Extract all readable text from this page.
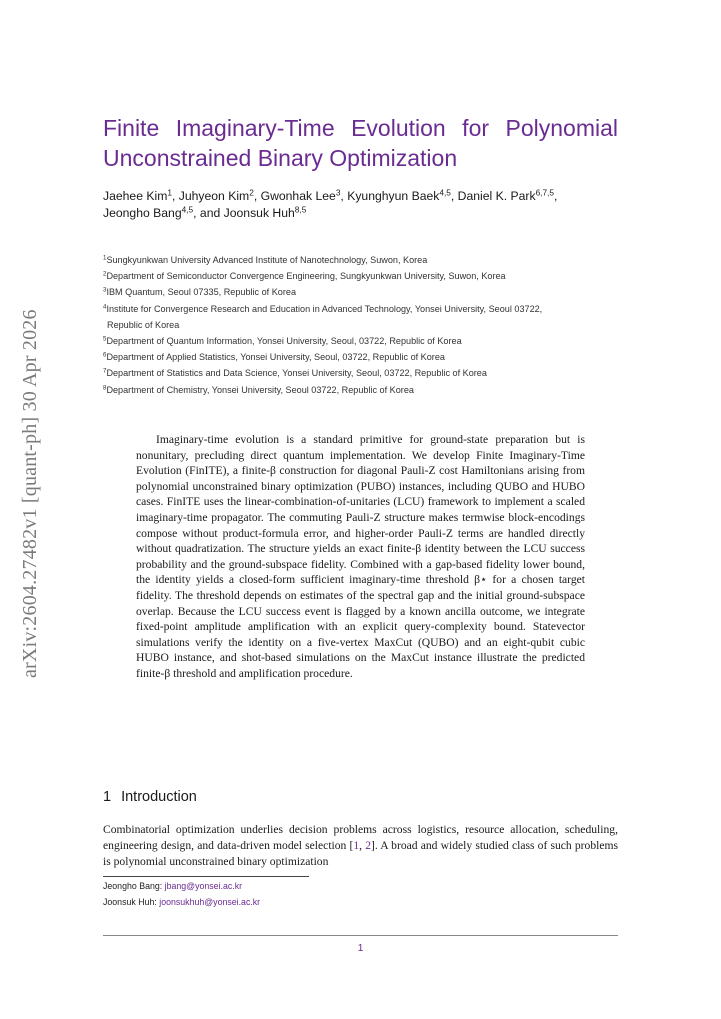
arXiv:2604.27482v1 [quant-ph] 30 Apr 2026
Finite Imaginary-Time Evolution for Polynomial
Unconstrained Binary Optimization
Jaehee Kim$^1$, Juhyeon Kim$^2$, Gwonhak Lee$^3$, Kyunghyun Baek$^{4,5}$, Daniel K. Park$^{6,7,5}$,
Jeongho Bang$^{4,5}$, and Joonsuk Huh$^{8,5}$
$^1$Sungkyunkwan University Advanced Institute of Nanotechnology, Suwon, Korea
$^2$Department of Semiconductor Convergence Engineering, Sungkyunkwan University, Suwon, Korea
$^3$IBM Quantum, Seoul 07335, Republic of Korea
$^4$Institute for Convergence Research and Education in Advanced Technology, Yonsei University, Seoul 03722,
Republic of Korea
$^5$Department of Quantum Information, Yonsei University, Seoul, 03722, Republic of Korea
$^6$Department of Applied Statistics, Yonsei University, Seoul, 03722, Republic of Korea
$^7$Department of Statistics and Data Science, Yonsei University, Seoul, 03722, Republic of Korea
$^8$Department of Chemistry, Yonsei University, Seoul 03722, Republic of Korea

Imaginary-time evolution is a standard primitive for ground-state preparation but is nonunitary, precluding direct quantum implementation. We develop Finite Imaginary-Time Evolution (FinITE), a finite-β construction for diagonal Pauli-Z cost Hamiltonians arising from polynomial unconstrained binary optimization (PUBO) instances, including QUBO and HUBO cases. FinITE uses the linear-combination-of-unitaries (LCU) framework to implement a scaled imaginary-time propagator. The commuting Pauli-Z structure makes termwise block-encodings compose without product-formula error, and higher-order Pauli-Z terms are handled directly without quadratization. The structure yields an exact finite-β identity between the LCU success probability and the ground-subspace fidelity. Combined with a gap-based fidelity lower bound, the identity yields a closed-form sufficient imaginary-time threshold β⋆ for a chosen target fidelity. The threshold depends on estimates of the spectral gap and the initial ground-subspace overlap. Because the LCU success event is flagged by a known ancilla outcome, we integrate fixed-point amplitude amplification with an explicit query-complexity bound. Statevector simulations verify the identity on a five-vertex MaxCut (QUBO) and an eight-qubit cubic HUBO instance, and shot-based simulations on the MaxCut instance illustrate the predicted finite-β threshold and amplification procedure.

1 Introduction

Combinatorial optimization underlies decision problems across logistics, resource allocation, scheduling, engineering design, and data-driven model selection [1, 2]. A broad and widely studied class of such problems is polynomial unconstrained binary optimization

Jeongho Bang: jbang@yonsei.ac.kr
Joonsuk Huh: joonsukhuh@yonsei.ac.kr
1
